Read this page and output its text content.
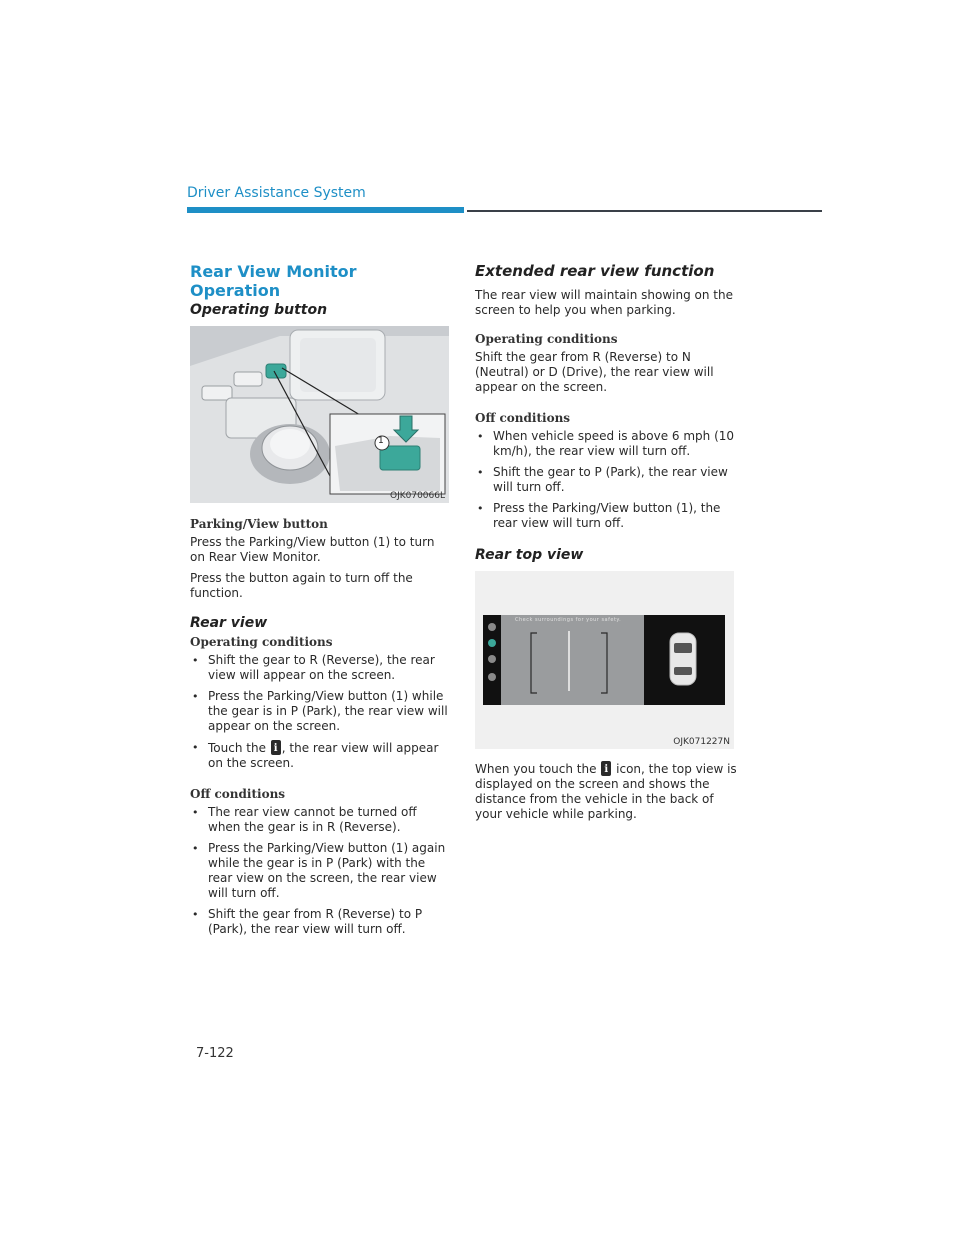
Driver Assistance System
Rear View Monitor Operation
Operating button
1
OJK070066L
Parking/View button

Press the Parking/View button (1) to turn on Rear View Monitor.

Press the button again to turn off the function.

Rear view
Operating conditions
• Shift the gear to R (Reverse), the rear view will appear on the screen.
• Press the Parking/View button (1) while the gear is in P (Park), the rear view will appear on the screen.
• Touch the i , the rear view will appear on the screen.
Off conditions
• The rear view cannot be turned off when the gear is in R (Reverse).
• Press the Parking/View button (1) again while the gear is in P (Park) with the rear view on the screen, the rear view will turn off.
• Shift the gear from R (Reverse) to P (Park), the rear view will turn off.
Extended rear view function

The rear view will maintain showing on the screen to help you when parking.

Operating conditions

Shift the gear from R (Reverse) to N (Neutral) or D (Drive), the rear view will appear on the screen.

Off conditions
• When vehicle speed is above 6 mph (10 km/h), the rear view will turn off.
• Shift the gear to P (Park), the rear view will turn off.
• Press the Parking/View button (1), the rear view will turn off.
Rear top view
Check surroundings for your safety.
OJK071227N

When you touch the i icon, the top view is displayed on the screen and shows the distance from the vehicle in the back of your vehicle while parking.

7-122
